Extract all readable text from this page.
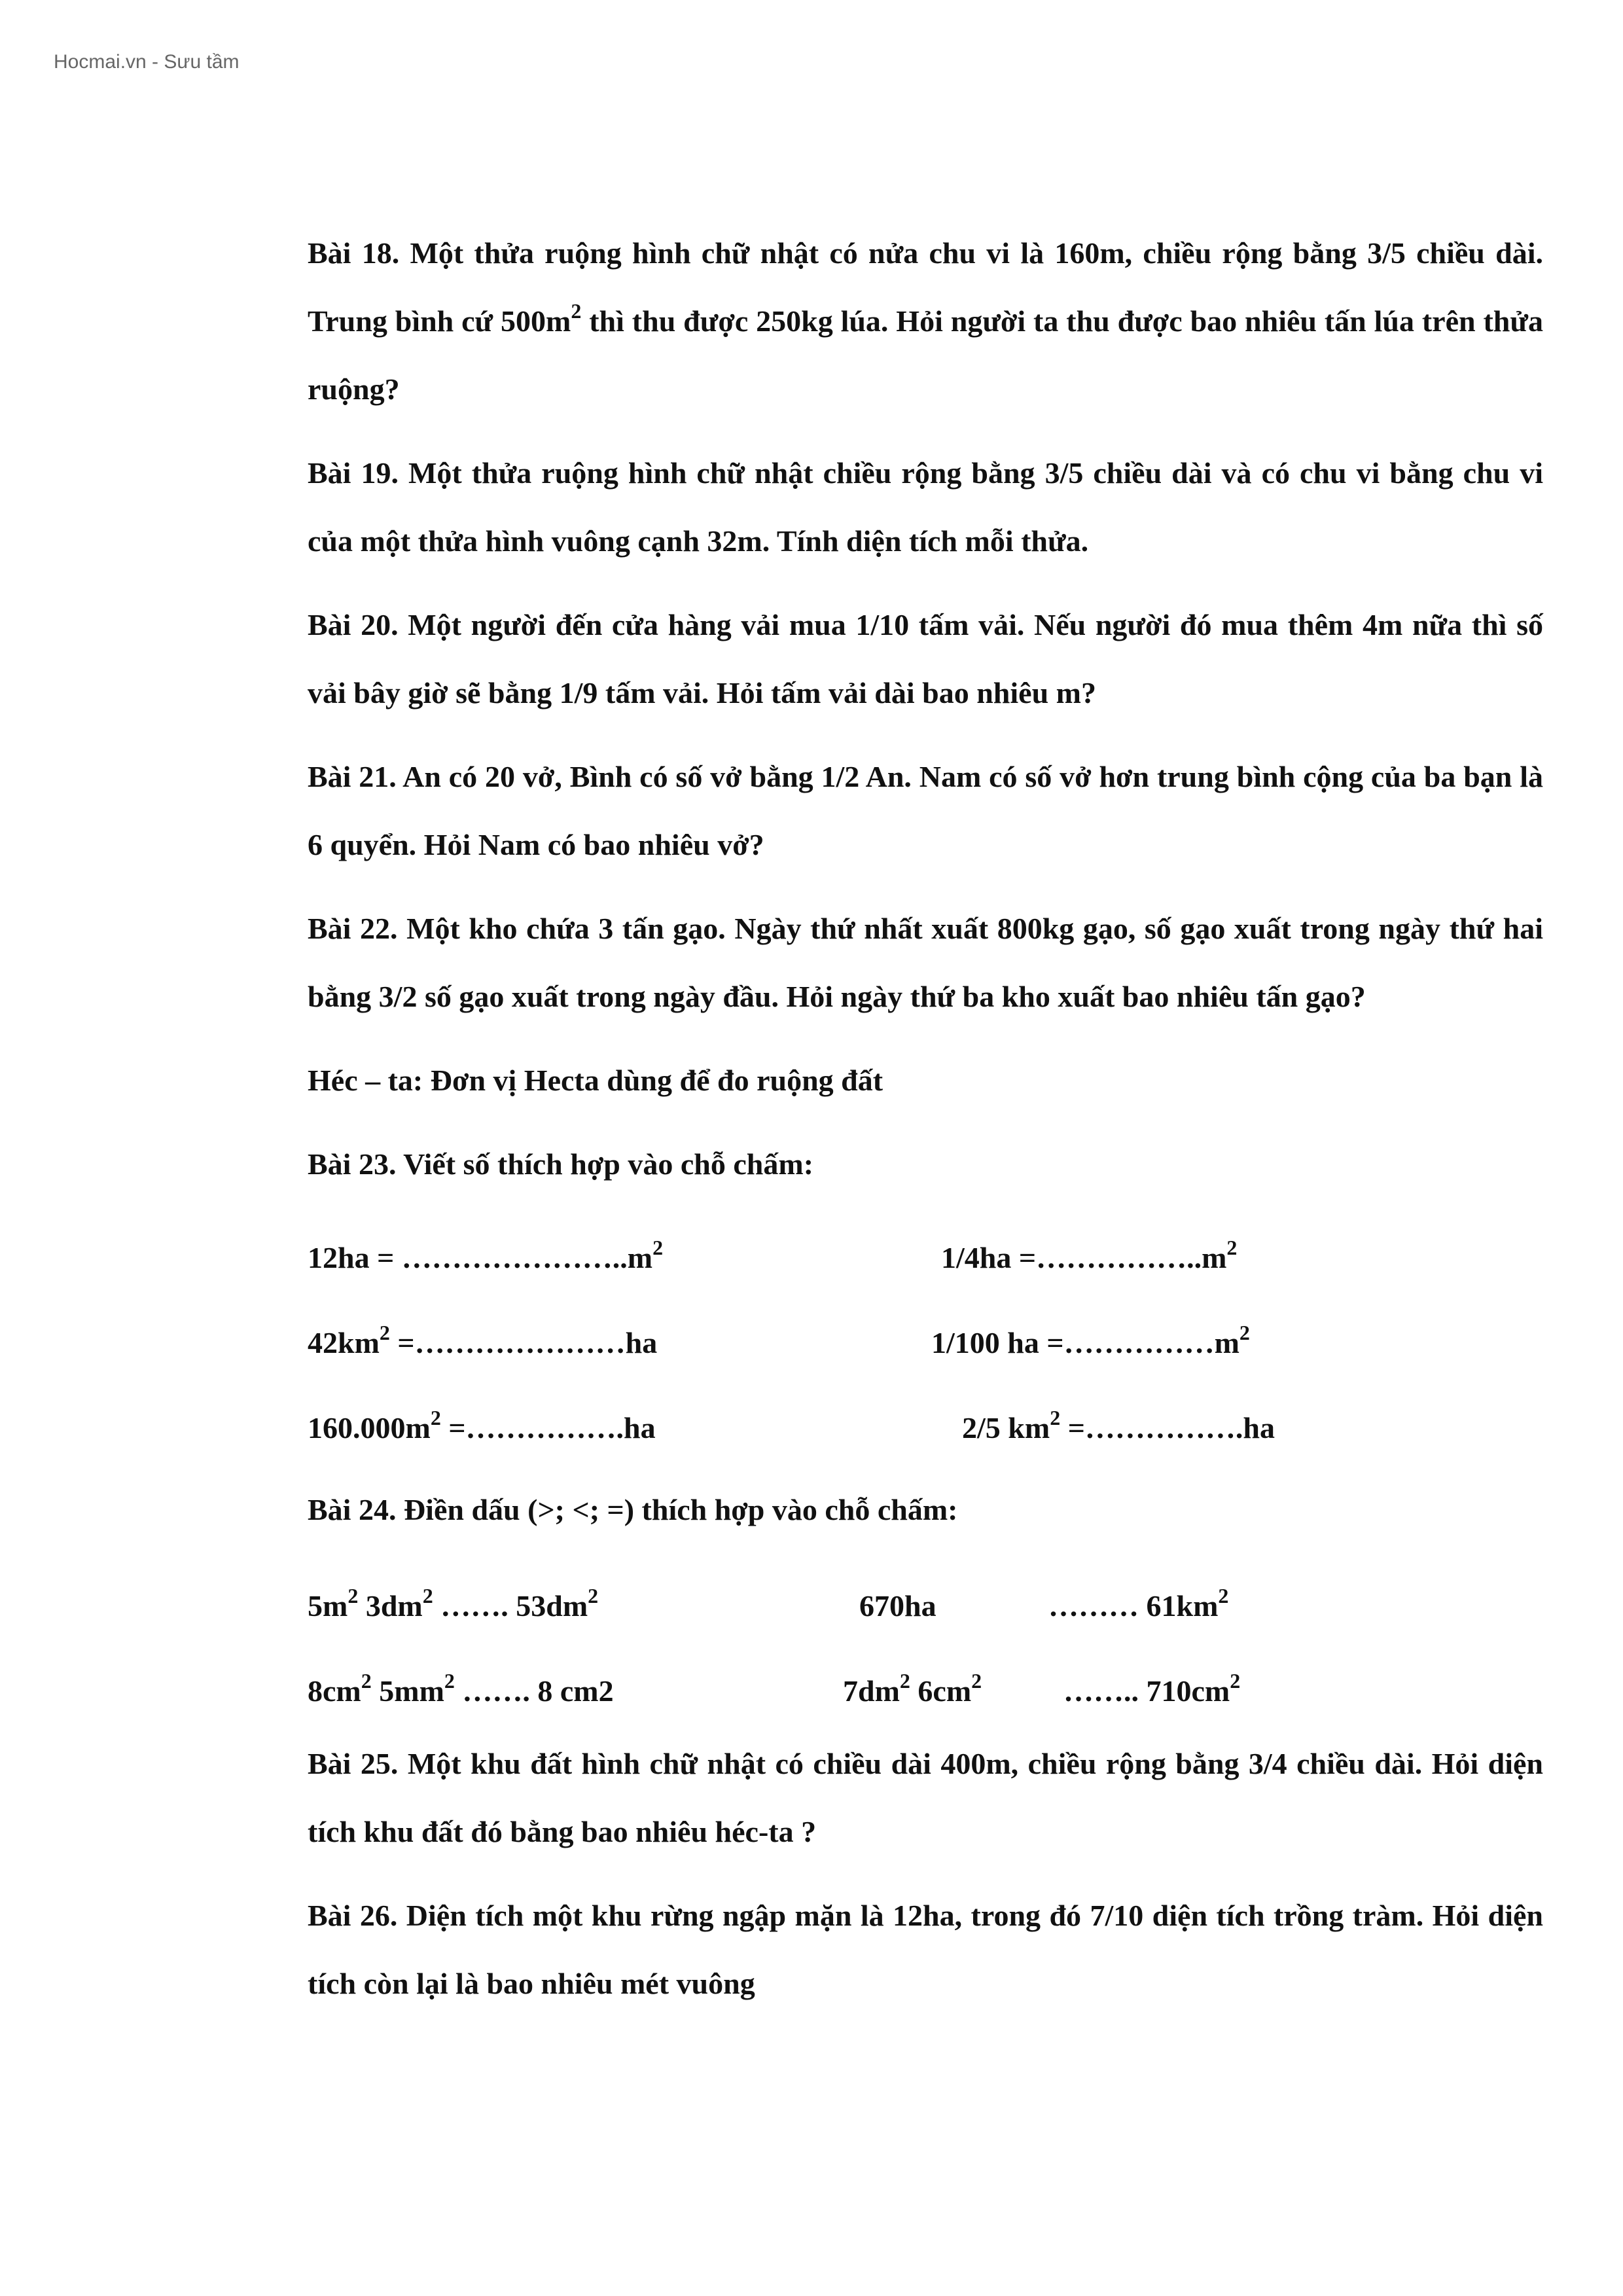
Hocmai.vn - Sưu tầm

Bài 18. Một thửa ruộng hình chữ nhật có nửa chu vi là 160m, chiều rộng bằng 3/5 chiều dài. Trung bình cứ $500m^2$ thì thu được 250kg lúa. Hỏi người ta thu được bao nhiêu tấn lúa trên thửa ruộng?

Bài 19. Một thửa ruộng hình chữ nhật chiều rộng bằng 3/5 chiều dài và có chu vi bằng chu vi của một thửa hình vuông cạnh 32m. Tính diện tích mỗi thửa.

Bài 20. Một người đến cửa hàng vải mua 1/10 tấm vải. Nếu người đó mua thêm 4m nữa thì số vải bây giờ sẽ bằng 1/9 tấm vải. Hỏi tấm vải dài bao nhiêu m?

Bài 21. An có 20 vở, Bình có số vở bằng 1/2 An. Nam có số vở hơn trung bình cộng của ba bạn là 6 quyển. Hỏi Nam có bao nhiêu vở?

Bài 22. Một kho chứa 3 tấn gạo. Ngày thứ nhất xuất 800kg gạo, số gạo xuất trong ngày thứ hai bằng 3/2 số gạo xuất trong ngày đầu. Hỏi ngày thứ ba kho xuất bao nhiêu tấn gạo?

Héc – ta: Đơn vị Hecta dùng để đo ruộng đất
Bài 23. Viết số thích hợp vào chỗ chấm:
$12ha = \dots\dots\dots\dots\dots\dots\dots..m^2$	$1/4ha =\dots\dots\dots\dots\dots..m^2$
$42km^2$ =…………………ha	1/100 ha $=\dots\dots\dots\dots\dots m^2$
$160.000m^2$ =…………….ha	2/5 $km^2$ =…………….ha
Bài 24. Điền dấu (>; <; =) thích hợp vào chỗ chấm:
$5m^2$ $3dm^2$ ……. $53dm^2$	670ha	……… $61km^2$
$8cm^2$ $5mm^2$ ……. 8 cm2	$7dm^2$ $6cm^2$	…….. $710cm^2$

Bài 25. Một khu đất hình chữ nhật có chiều dài 400m, chiều rộng bằng 3/4 chiều dài. Hỏi diện tích khu đất đó bằng bao nhiêu héc-ta ?

Bài 26. Diện tích một khu rừng ngập mặn là 12ha, trong đó 7/10 diện tích trồng tràm. Hỏi diện tích còn lại là bao nhiêu mét vuông
